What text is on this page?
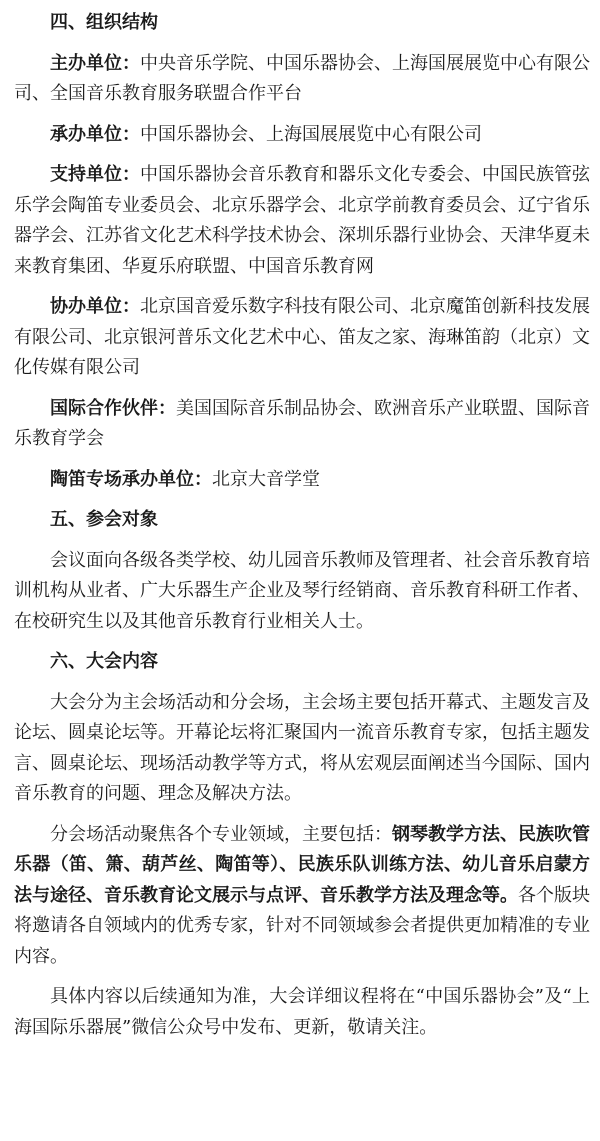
四、组织结构

主办单位：中央音乐学院、中国乐器协会、上海国展展览中心有限公司、全国音乐教育服务联盟合作平台

承办单位：中国乐器协会、上海国展展览中心有限公司

支持单位：中国乐器协会音乐教育和器乐文化专委会、中国民族管弦乐学会陶笛专业委员会、北京乐器学会、北京学前教育委员会、辽宁省乐器学会、江苏省文化艺术科学技术协会、深圳乐器行业协会、天津华夏未来教育集团、华夏乐府联盟、中国音乐教育网

协办单位：北京国音爱乐数字科技有限公司、北京魔笛创新科技发展有限公司、北京银河普乐文化艺术中心、笛友之家、海琳笛韵（北京）文化传媒有限公司

国际合作伙伴：美国国际音乐制品协会、欧洲音乐产业联盟、国际音乐教育学会

陶笛专场承办单位：北京大音学堂

五、参会对象

会议面向各级各类学校、幼儿园音乐教师及管理者、社会音乐教育培训机构从业者、广大乐器生产企业及琴行经销商、音乐教育科研工作者、在校研究生以及其他音乐教育行业相关人士。

六、大会内容

大会分为主会场活动和分会场，主会场主要包括开幕式、主题发言及论坛、圆桌论坛等。开幕论坛将汇聚国内一流音乐教育专家，包括主题发言、圆桌论坛、现场活动教学等方式，将从宏观层面阐述当今国际、国内音乐教育的问题、理念及解决方法。

分会场活动聚焦各个专业领域，主要包括：钢琴教学方法、民族吹管乐器（笛、箫、葫芦丝、陶笛等）、民族乐队训练方法、幼儿音乐启蒙方法与途径、音乐教育论文展示与点评、音乐教学方法及理念等。各个版块将邀请各自领域内的优秀专家，针对不同领域参会者提供更加精准的专业内容。

具体内容以后续通知为准，大会详细议程将在“中国乐器协会”及“上海国际乐器展”微信公众号中发布、更新，敬请关注。
